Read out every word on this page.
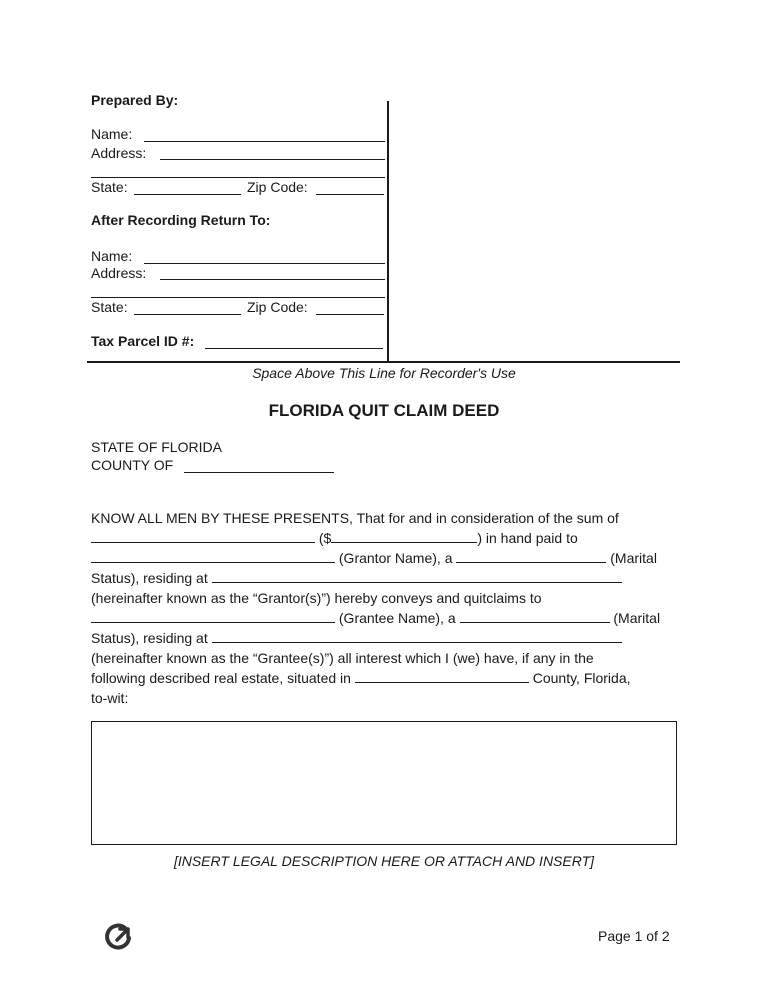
Prepared By:
Name:
Address:
State:	Zip Code:
After Recording Return To:
Name:
Address:
State:	Zip Code:
Tax Parcel ID #:
Space Above This Line for Recorder's Use
FLORIDA QUIT CLAIM DEED
STATE OF FLORIDA
COUNTY OF
KNOW ALL MEN BY THESE PRESENTS, That for and in consideration of the sum of
($	) in hand paid to
(Grantor Name), a	(Marital
Status), residing at
(hereinafter known as the “Grantor(s)”) hereby conveys and quitclaims to
(Grantee Name), a	(Marital
Status), residing at
(hereinafter known as the “Grantee(s)”) all interest which I (we) have, if any in the
following described real estate, situated in	County, Florida,
to-wit:
[INSERT LEGAL DESCRIPTION HERE OR ATTACH AND INSERT]
Page 1 of 2
